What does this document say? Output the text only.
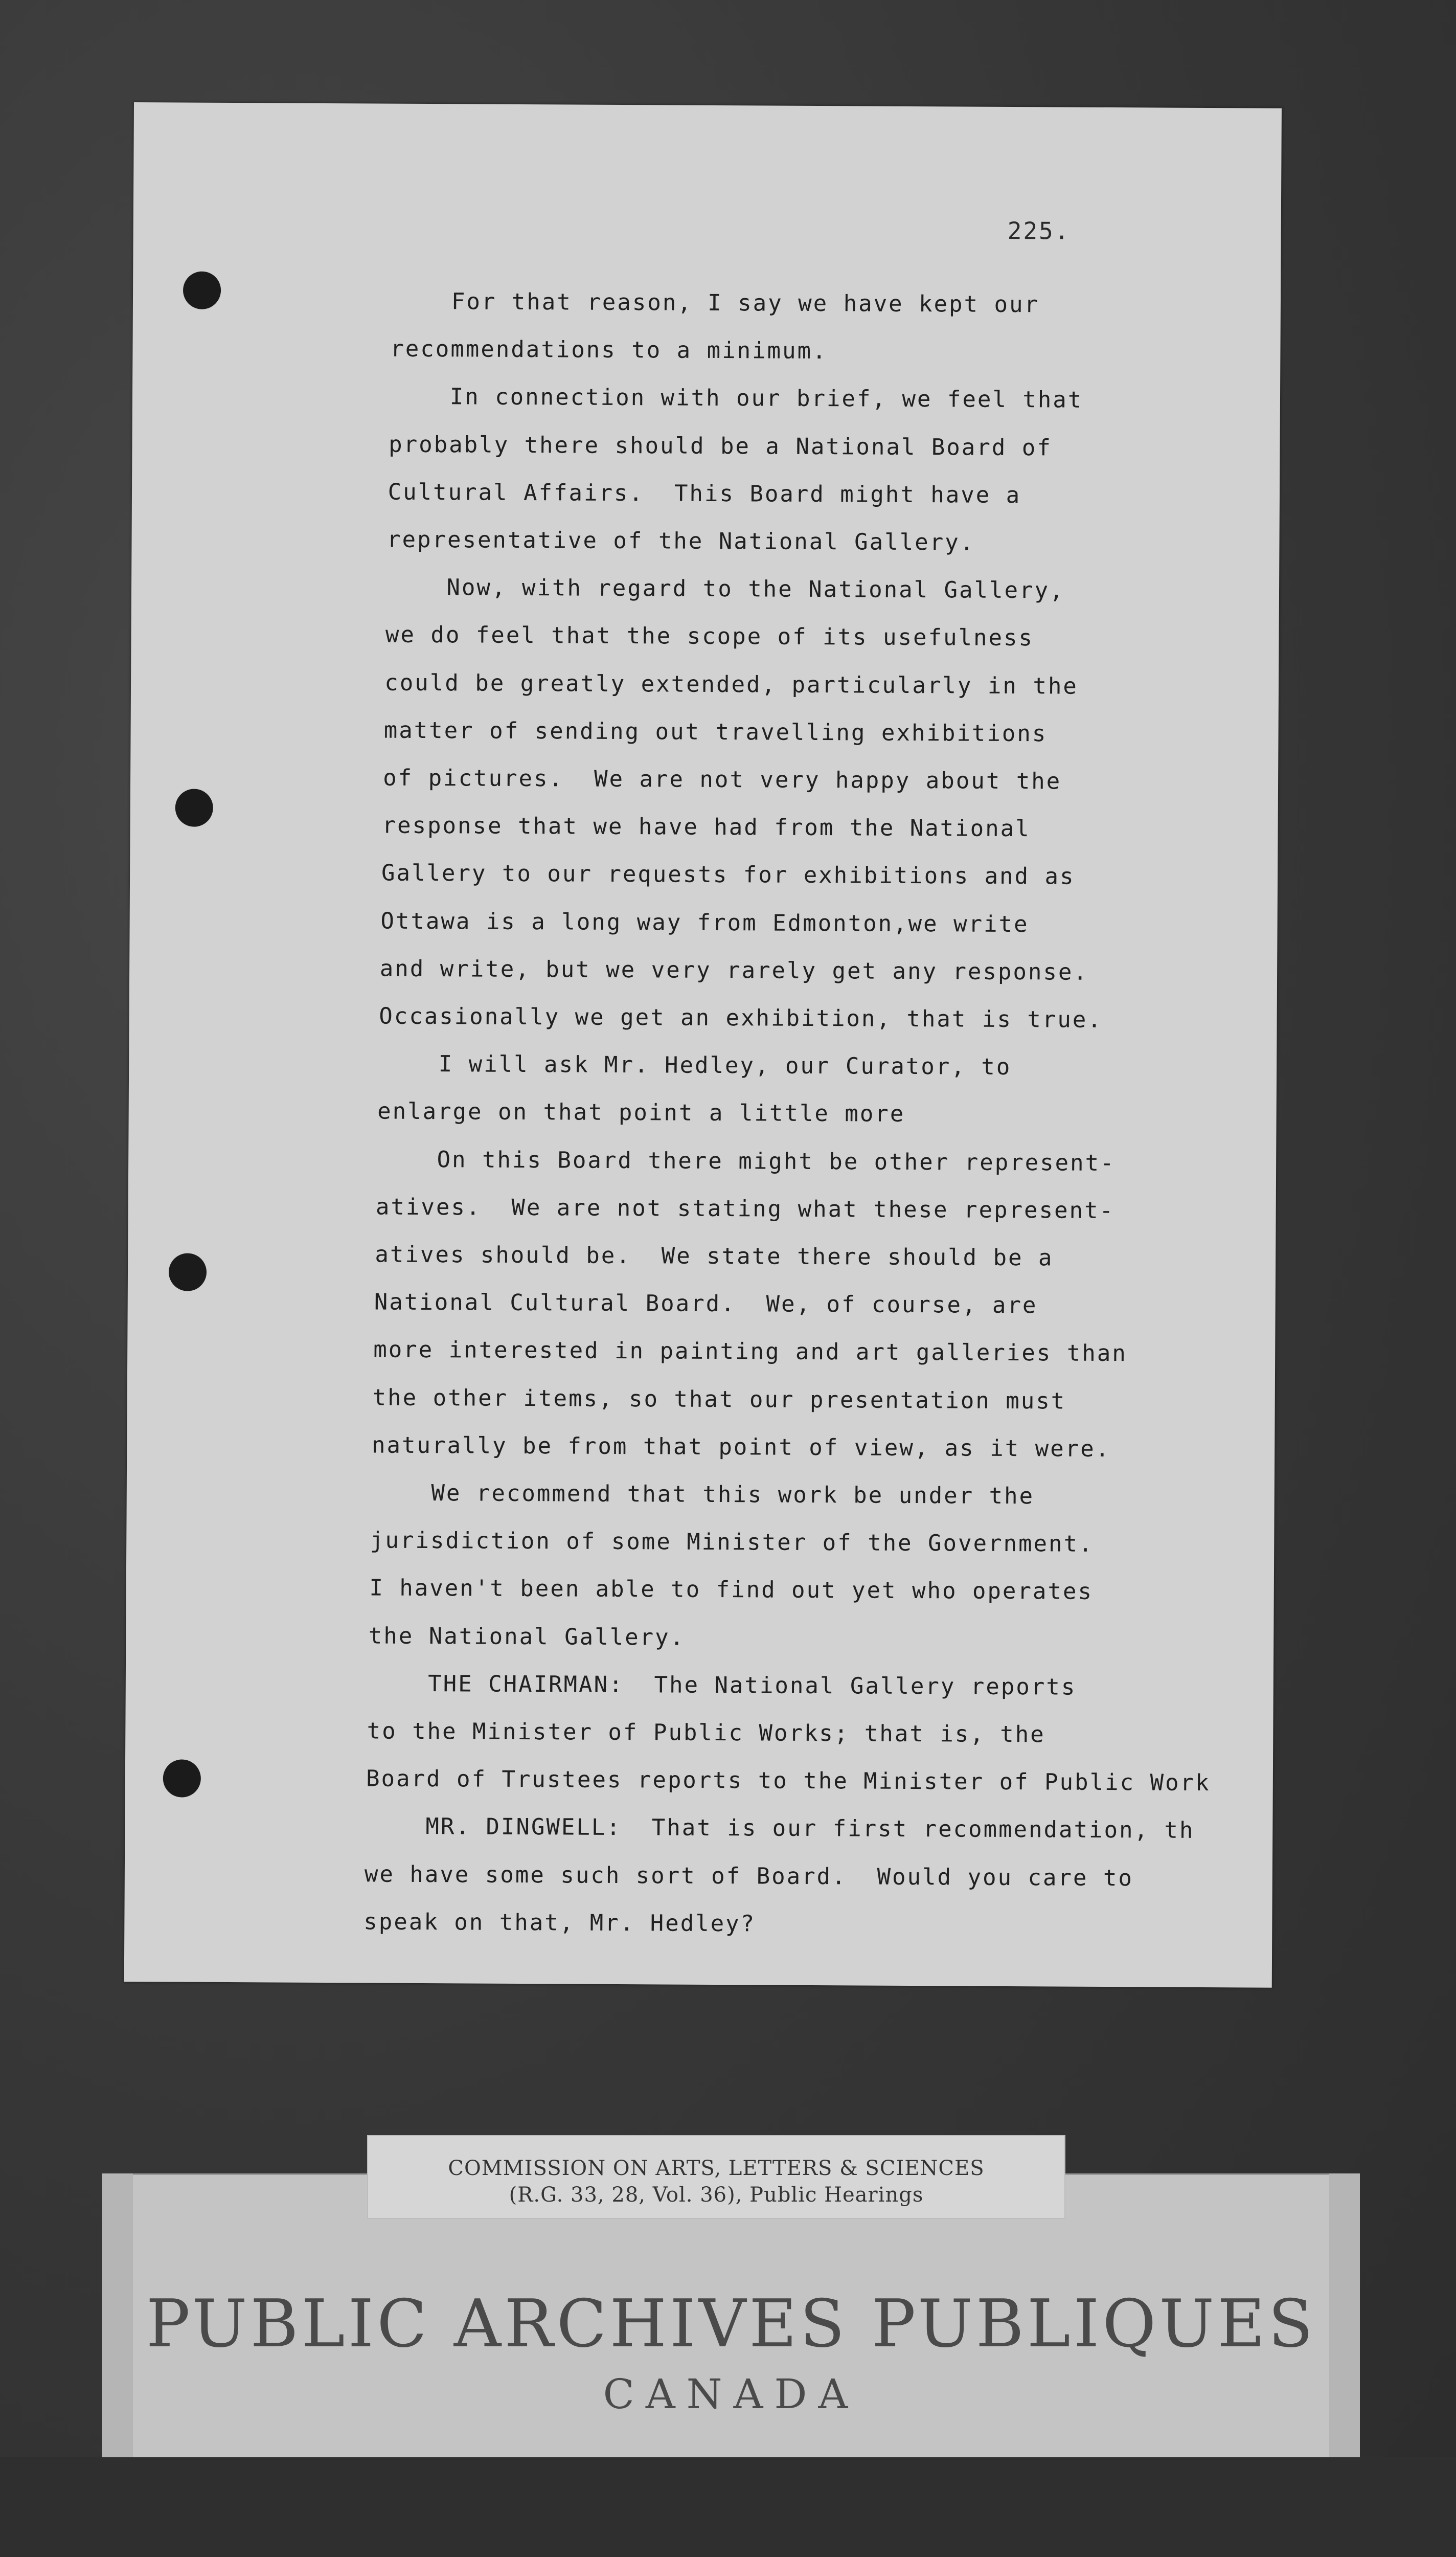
225.
For that reason, I say we have kept our
recommendations to a minimum.
In connection with our brief, we feel that
probably there should be a National Board of
Cultural Affairs.  This Board might have a
representative of the National Gallery.
Now, with regard to the National Gallery,
we do feel that the scope of its usefulness
could be greatly extended, particularly in the
matter of sending out travelling exhibitions
of pictures.  We are not very happy about the
response that we have had from the National
Gallery to our requests for exhibitions and as
Ottawa is a long way from Edmonton,we write
and write, but we very rarely get any response.
Occasionally we get an exhibition, that is true.
I will ask Mr. Hedley, our Curator, to
enlarge on that point a little more
On this Board there might be other represent-
atives.  We are not stating what these represent-
atives should be.  We state there should be a
National Cultural Board.  We, of course, are
more interested in painting and art galleries than
the other items, so that our presentation must
naturally be from that point of view, as it were.
We recommend that this work be under the
jurisdiction of some Minister of the Government.
I haven't been able to find out yet who operates
the National Gallery.
THE CHAIRMAN:  The National Gallery reports
to the Minister of Public Works; that is, the
Board of Trustees reports to the Minister of Public Work
MR. DINGWELL:  That is our first recommendation, th
we have some such sort of Board.  Would you care to
speak on that, Mr. Hedley?
COMMISSION ON ARTS, LETTERS & SCIENCES
(R.G. 33, 28, Vol. 36), Public Hearings
PUBLIC ARCHIVES PUBLIQUES
CANADA
